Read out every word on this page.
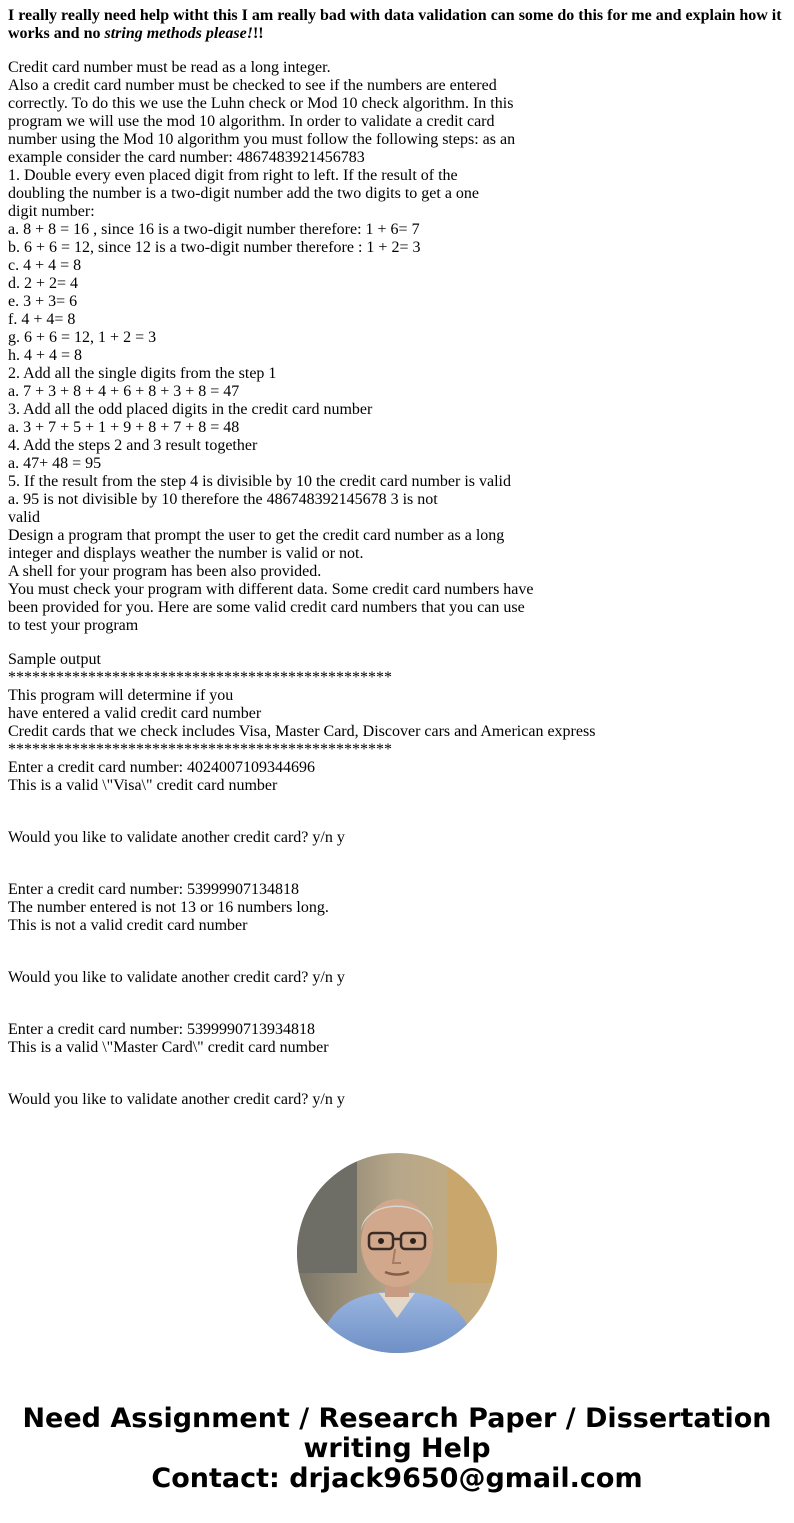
I really really need help witht this I am really bad with data validation can some do this for me and explain how it works and no string methods please!!!

Credit card number must be read as a long integer.
Also a credit card number must be checked to see if the numbers are entered
correctly. To do this we use the Luhn check or Mod 10 check algorithm. In this
program we will use the mod 10 algorithm. In order to validate a credit card
number using the Mod 10 algorithm you must follow the following steps: as an
example consider the card number: 4867483921456783
1. Double every even placed digit from right to left. If the result of the
doubling the number is a two-digit number add the two digits to get a one
digit number:
a. 8 + 8 = 16 , since 16 is a two-digit number therefore: 1 + 6= 7
b. 6 + 6 = 12, since 12 is a two-digit number therefore : 1 + 2= 3
c. 4 + 4 = 8
d. 2 + 2= 4
e. 3 + 3= 6
f. 4 + 4= 8
g. 6 + 6 = 12, 1 + 2 = 3
h. 4 + 4 = 8
2. Add all the single digits from the step 1
a. 7 + 3 + 8 + 4 + 6 + 8 + 3 + 8 = 47
3. Add all the odd placed digits in the credit card number
a. 3 + 7 + 5 + 1 + 9 + 8 + 7 + 8 = 48
4. Add the steps 2 and 3 result together
a. 47+ 48 = 95
5. If the result from the step 4 is divisible by 10 the credit card number is valid
a. 95 is not divisible by 10 therefore the 486748392145678 3 is not
valid
Design a program that prompt the user to get the credit card number as a long
integer and displays weather the number is valid or not.
A shell for your program has been also provided.
You must check your program with different data. Some credit card numbers have
been provided for you. Here are some valid credit card numbers that you can use
to test your program
Sample output
************************************************
This program will determine if you
have entered a valid credit card number
Credit cards that we check includes Visa, Master Card, Discover cars and American express
************************************************
Enter a credit card number: 4024007109344696
This is a valid \"Visa\" credit card number
Would you like to validate another credit card? y/n y
Enter a credit card number: 53999907134818
The number entered is not 13 or 16 numbers long.
This is not a valid credit card number
Would you like to validate another credit card? y/n y
Enter a credit card number: 5399990713934818
This is a valid \"Master Card\" credit card number
Would you like to validate another credit card? y/n y
Need Assignment / Research Paper / Dissertation
writing Help
Contact: drjack9650@gmail.com
